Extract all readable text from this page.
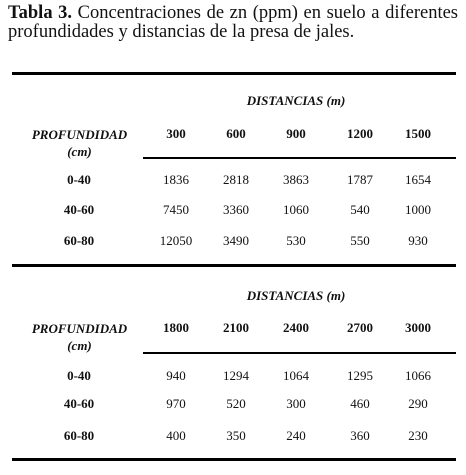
Tabla 3. Concentraciones de zn (ppm) en suelo a diferentes profundidades y distancias de la presa de jales.
DISTANCIAS (m)
PROFUNDIDAD
(cm)
300	600	900	1200	1500
0-40	1836	2818	3863	1787	1654
40-60	7450	3360	1060	540	1000
60-80	12050	3490	530	550	930
DISTANCIAS (m)
PROFUNDIDAD
(cm)
1800	2100	2400	2700	3000
0-40	940	1294	1064	1295	1066
40-60	970	520	300	460	290
60-80	400	350	240	360	230
